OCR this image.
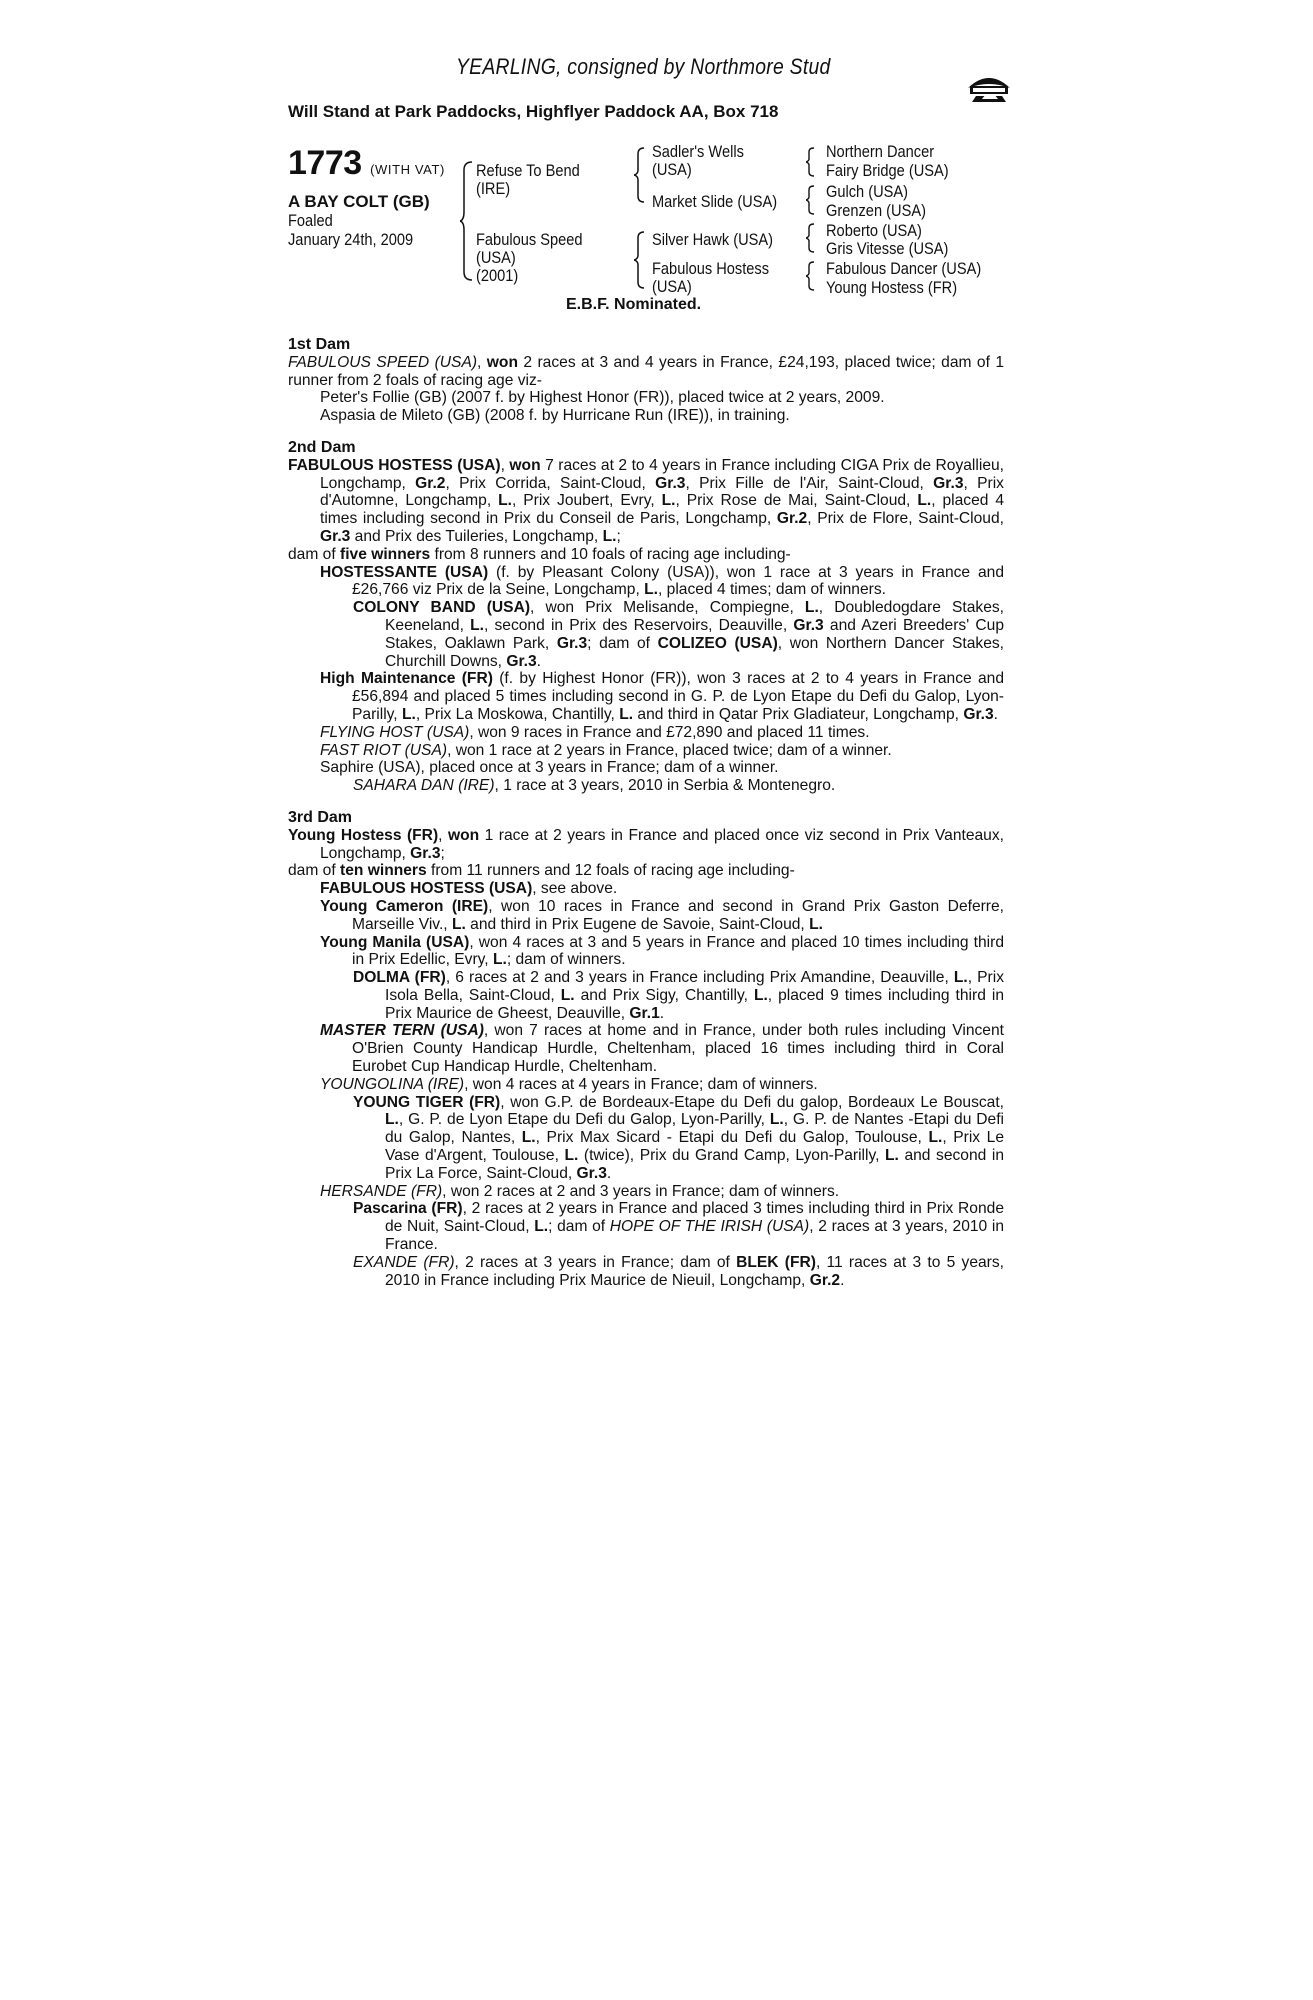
YEARLING, consigned by Northmore Stud
Will Stand at Park Paddocks, Highflyer Paddock AA, Box 718
1773 (WITH VAT)
A BAY COLT (GB)
Foaled
January 24th, 2009
Refuse To Bend
(IRE)
Fabulous Speed
(USA)
(2001)
Sadler's Wells
(USA)
Market Slide (USA)
Silver Hawk (USA)
Fabulous Hostess
(USA)
Northern Dancer
Fairy Bridge (USA)
Gulch (USA)
Grenzen (USA)
Roberto (USA)
Gris Vitesse (USA)
Fabulous Dancer (USA)
Young Hostess (FR)
E.B.F. Nominated.
1st Dam
FABULOUS SPEED (USA), won 2 races at 3 and 4 years in France, £24,193, placed twice; dam of 1 runner from 2 foals of racing age viz-
Peter's Follie (GB) (2007 f. by Highest Honor (FR)), placed twice at 2 years, 2009.
Aspasia de Mileto (GB) (2008 f. by Hurricane Run (IRE)), in training.
2nd Dam
FABULOUS HOSTESS (USA), won 7 races at 2 to 4 years in France including CIGA Prix de Royallieu, Longchamp, Gr.2, Prix Corrida, Saint-Cloud, Gr.3, Prix Fille de l'Air, Saint-Cloud, Gr.3, Prix d'Automne, Longchamp, L., Prix Joubert, Evry, L., Prix Rose de Mai, Saint-Cloud, L., placed 4 times including second in Prix du Conseil de Paris, Longchamp, Gr.2, Prix de Flore, Saint-Cloud, Gr.3 and Prix des Tuileries, Longchamp, L.;
dam of five winners from 8 runners and 10 foals of racing age including-
HOSTESSANTE (USA) (f. by Pleasant Colony (USA)), won 1 race at 3 years in France and £26,766 viz Prix de la Seine, Longchamp, L., placed 4 times; dam of winners.
COLONY BAND (USA), won Prix Melisande, Compiegne, L., Doubledogdare Stakes, Keeneland, L., second in Prix des Reservoirs, Deauville, Gr.3 and Azeri Breeders' Cup Stakes, Oaklawn Park, Gr.3; dam of COLIZEO (USA), won Northern Dancer Stakes, Churchill Downs, Gr.3.
High Maintenance (FR) (f. by Highest Honor (FR)), won 3 races at 2 to 4 years in France and £56,894 and placed 5 times including second in G. P. de Lyon Etape du Defi du Galop, Lyon-Parilly, L., Prix La Moskowa, Chantilly, L. and third in Qatar Prix Gladiateur, Longchamp, Gr.3.
FLYING HOST (USA), won 9 races in France and £72,890 and placed 11 times.
FAST RIOT (USA), won 1 race at 2 years in France, placed twice; dam of a winner.
Saphire (USA), placed once at 3 years in France; dam of a winner.
SAHARA DAN (IRE), 1 race at 3 years, 2010 in Serbia & Montenegro.
3rd Dam
Young Hostess (FR), won 1 race at 2 years in France and placed once viz second in Prix Vanteaux, Longchamp, Gr.3;
dam of ten winners from 11 runners and 12 foals of racing age including-
FABULOUS HOSTESS (USA), see above.
Young Cameron (IRE), won 10 races in France and second in Grand Prix Gaston Deferre, Marseille Viv., L. and third in Prix Eugene de Savoie, Saint-Cloud, L.
Young Manila (USA), won 4 races at 3 and 5 years in France and placed 10 times including third in Prix Edellic, Evry, L.; dam of winners.
DOLMA (FR), 6 races at 2 and 3 years in France including Prix Amandine, Deauville, L., Prix Isola Bella, Saint-Cloud, L. and Prix Sigy, Chantilly, L., placed 9 times including third in Prix Maurice de Gheest, Deauville, Gr.1.
MASTER TERN (USA), won 7 races at home and in France, under both rules including Vincent O'Brien County Handicap Hurdle, Cheltenham, placed 16 times including third in Coral Eurobet Cup Handicap Hurdle, Cheltenham.
YOUNGOLINA (IRE), won 4 races at 4 years in France; dam of winners.
YOUNG TIGER (FR), won G.P. de Bordeaux-Etape du Defi du galop, Bordeaux Le Bouscat, L., G. P. de Lyon Etape du Defi du Galop, Lyon-Parilly, L., G. P. de Nantes -Etapi du Defi du Galop, Nantes, L., Prix Max Sicard - Etapi du Defi du Galop, Toulouse, L., Prix Le Vase d'Argent, Toulouse, L. (twice), Prix du Grand Camp, Lyon-Parilly, L. and second in Prix La Force, Saint-Cloud, Gr.3.
HERSANDE (FR), won 2 races at 2 and 3 years in France; dam of winners.
Pascarina (FR), 2 races at 2 years in France and placed 3 times including third in Prix Ronde de Nuit, Saint-Cloud, L.; dam of HOPE OF THE IRISH (USA), 2 races at 3 years, 2010 in France.
EXANDE (FR), 2 races at 3 years in France; dam of BLEK (FR), 11 races at 3 to 5 years, 2010 in France including Prix Maurice de Nieuil, Longchamp, Gr.2.
